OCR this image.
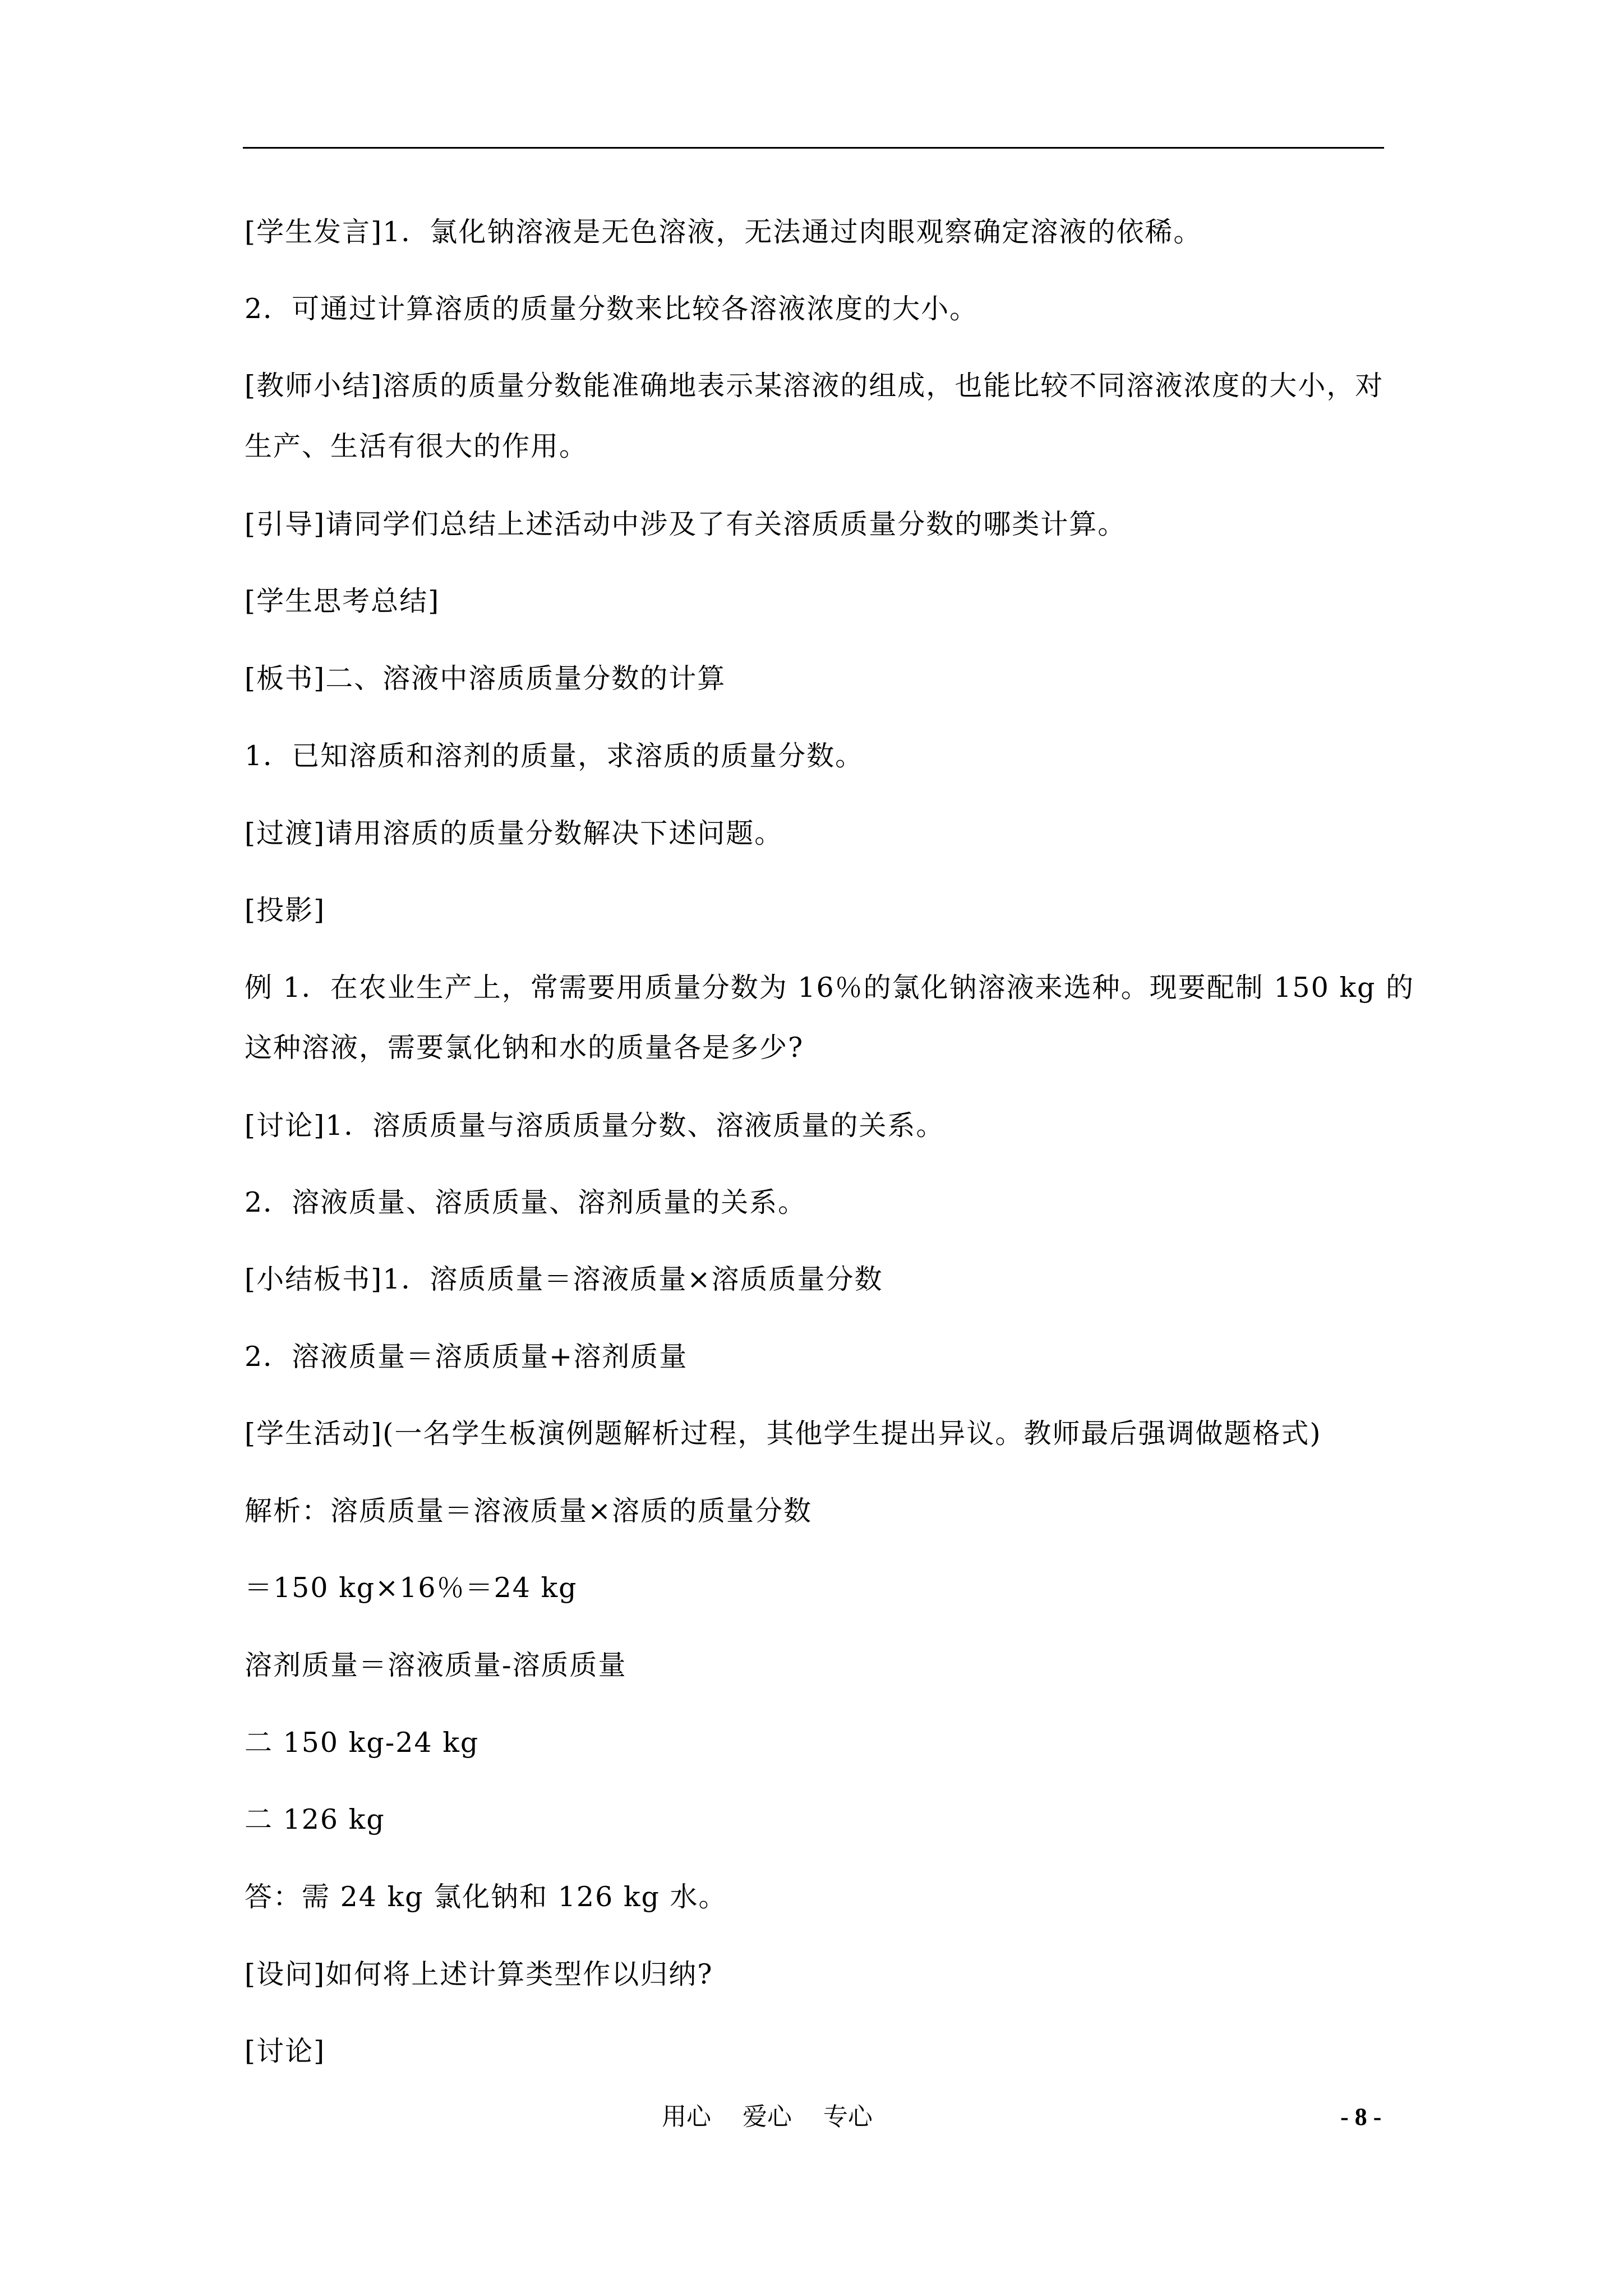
[学生发言]1．氯化钠溶液是无色溶液，无法通过肉眼观察确定溶液的依稀。
2．可通过计算溶质的质量分数来比较各溶液浓度的大小。
[教师小结]溶质的质量分数能准确地表示某溶液的组成，也能比较不同溶液浓度的大小，对
生产、生活有很大的作用。
[引导]请同学们总结上述活动中涉及了有关溶质质量分数的哪类计算。
[学生思考总结]
[板书]二、溶液中溶质质量分数的计算
1．已知溶质和溶剂的质量，求溶质的质量分数。
[过渡]请用溶质的质量分数解决下述问题。
[投影]
例 1．在农业生产上，常需要用质量分数为 16％的氯化钠溶液来选种。现要配制 150 kg 的
这种溶液，需要氯化钠和水的质量各是多少?
[讨论]1．溶质质量与溶质质量分数、溶液质量的关系。
2．溶液质量、溶质质量、溶剂质量的关系。
[小结板书]1．溶质质量＝溶液质量×溶质质量分数
2．溶液质量＝溶质质量+溶剂质量
[学生活动](一名学生板演例题解析过程，其他学生提出异议。教师最后强调做题格式)
解析：溶质质量＝溶液质量×溶质的质量分数
＝150 kg×16％＝24 kg
溶剂质量＝溶液质量-溶质质量
二 150 kg-24 kg
二 126 kg
答：需 24 kg 氯化钠和 126 kg 水。
[设问]如何将上述计算类型作以归纳?
[讨论]
用心    爱心    专心	- 8 -
